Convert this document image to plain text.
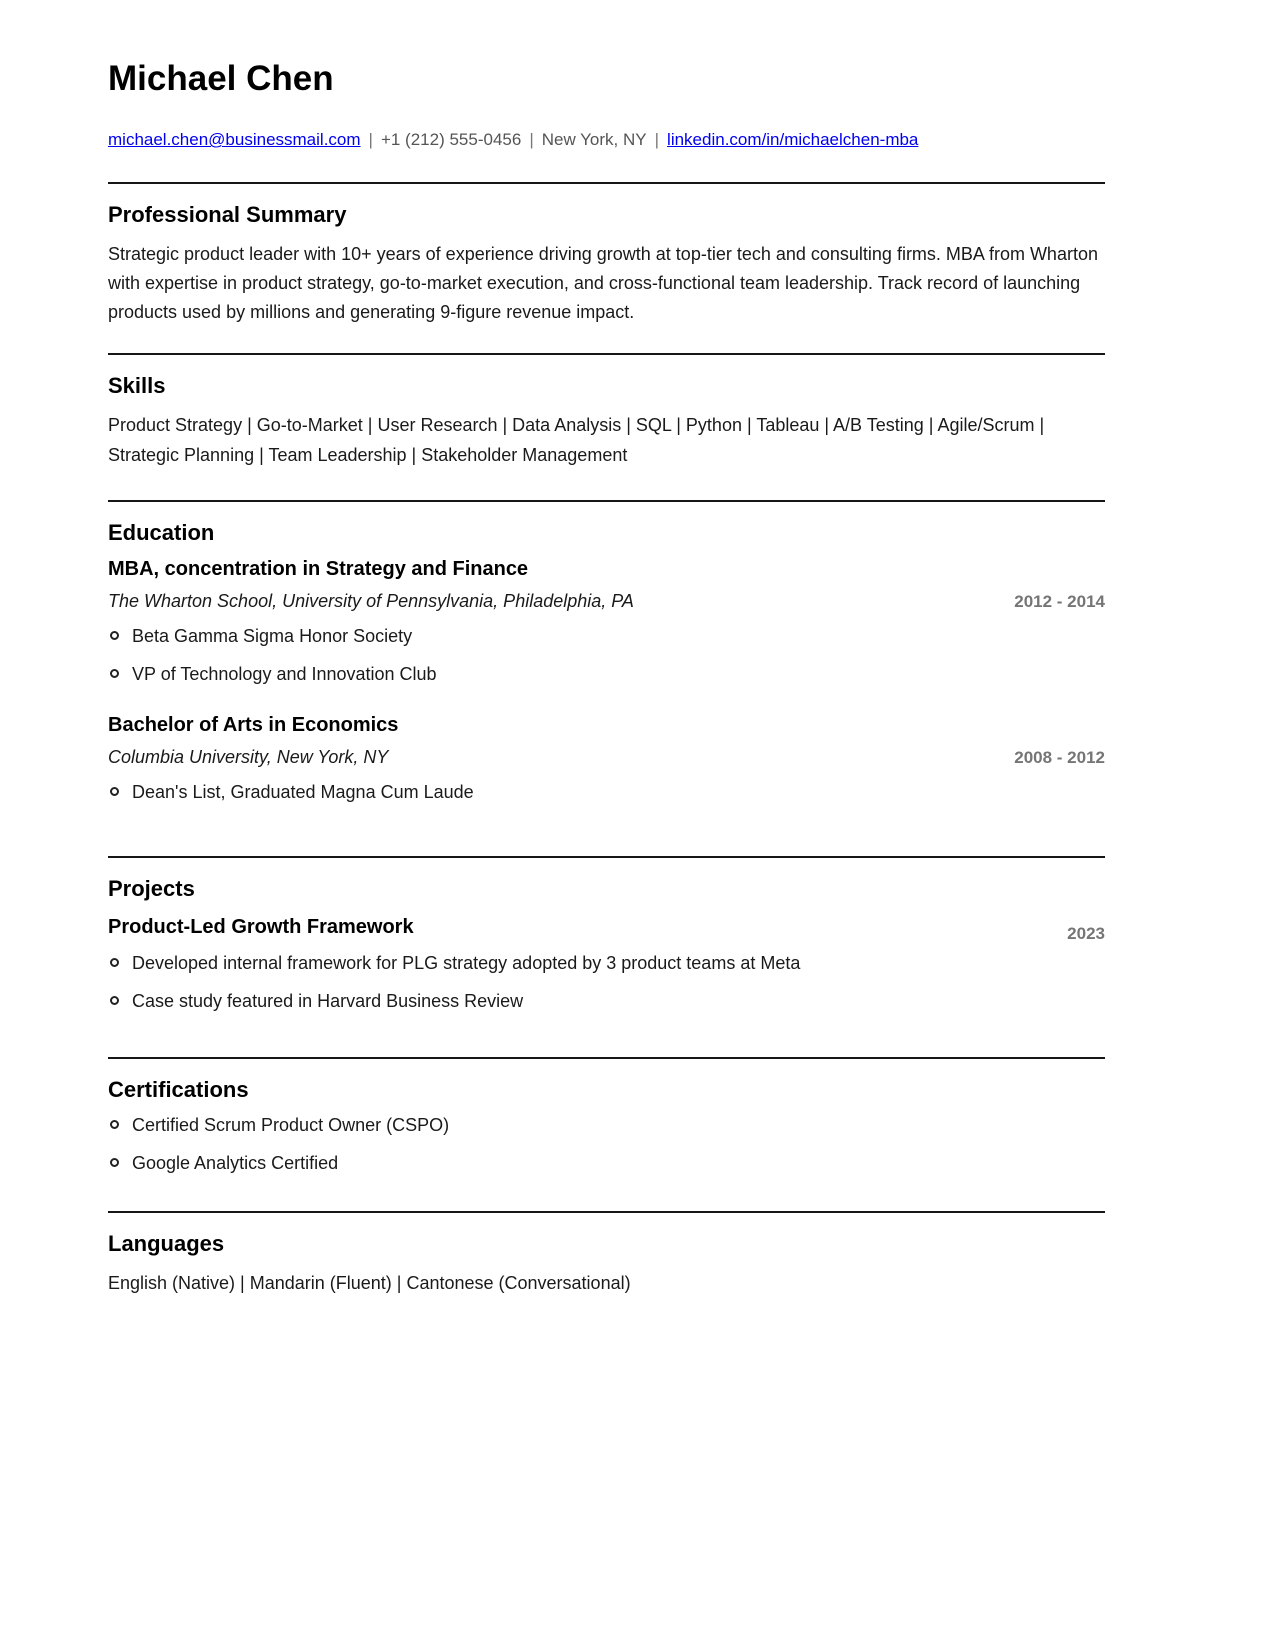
Michael Chen
michael.chen@businessmail.com | +1 (212) 555-0456 | New York, NY | linkedin.com/in/michaelchen-mba
Professional Summary

Strategic product leader with 10+ years of experience driving growth at top-tier tech and consulting firms. MBA from Wharton with expertise in product strategy, go-to-market execution, and cross-functional team leadership. Track record of launching products used by millions and generating 9-figure revenue impact.

Skills

Product Strategy | Go-to-Market | User Research | Data Analysis | SQL | Python | Tableau | A/B Testing | Agile/Scrum | Strategic Planning | Team Leadership | Stakeholder Management

Education
MBA, concentration in Strategy and Finance
The Wharton School, University of Pennsylvania, Philadelphia, PA	2012 - 2014
Beta Gamma Sigma Honor Society
VP of Technology and Innovation Club
Bachelor of Arts in Economics
Columbia University, New York, NY	2008 - 2012
Dean's List, Graduated Magna Cum Laude
Projects
Product-Led Growth Framework	2023
Developed internal framework for PLG strategy adopted by 3 product teams at Meta
Case study featured in Harvard Business Review
Certifications
Certified Scrum Product Owner (CSPO)
Google Analytics Certified
Languages

English (Native) | Mandarin (Fluent) | Cantonese (Conversational)
